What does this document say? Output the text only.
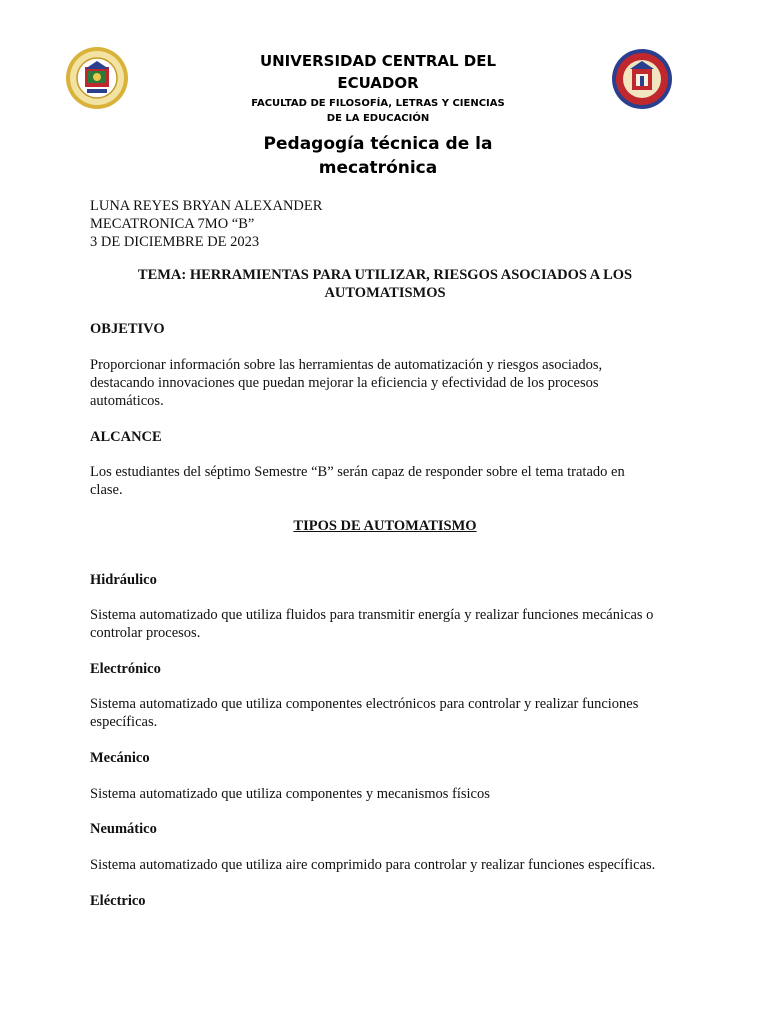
UNIVERSIDAD CENTRAL DEL
ECUADOR
FACULTAD DE FILOSOFÍA, LETRAS Y CIENCIAS
DE LA EDUCACIÓN
Pedagogía técnica de la
mecatrónica
LUNA REYES BRYAN ALEXANDER
MECATRONICA 7MO “B”
3 DE DICIEMBRE DE 2023
TEMA: HERRAMIENTAS PARA UTILIZAR, RIESGOS ASOCIADOS A LOS
AUTOMATISMOS
OBJETIVO
Proporcionar información sobre las herramientas de automatización y riesgos asociados,
destacando innovaciones que puedan mejorar la eficiencia y efectividad de los procesos
automáticos.
ALCANCE
Los estudiantes del séptimo Semestre “B” serán capaz de responder sobre el tema tratado en
clase.
TIPOS DE AUTOMATISMO
Hidráulico
Sistema automatizado que utiliza fluidos para transmitir energía y realizar funciones mecánicas o
controlar procesos.
Electrónico
Sistema automatizado que utiliza componentes electrónicos para controlar y realizar funciones
específicas.
Mecánico
Sistema automatizado que utiliza componentes y mecanismos físicos
Neumático
Sistema automatizado que utiliza aire comprimido para controlar y realizar funciones específicas.
Eléctrico
